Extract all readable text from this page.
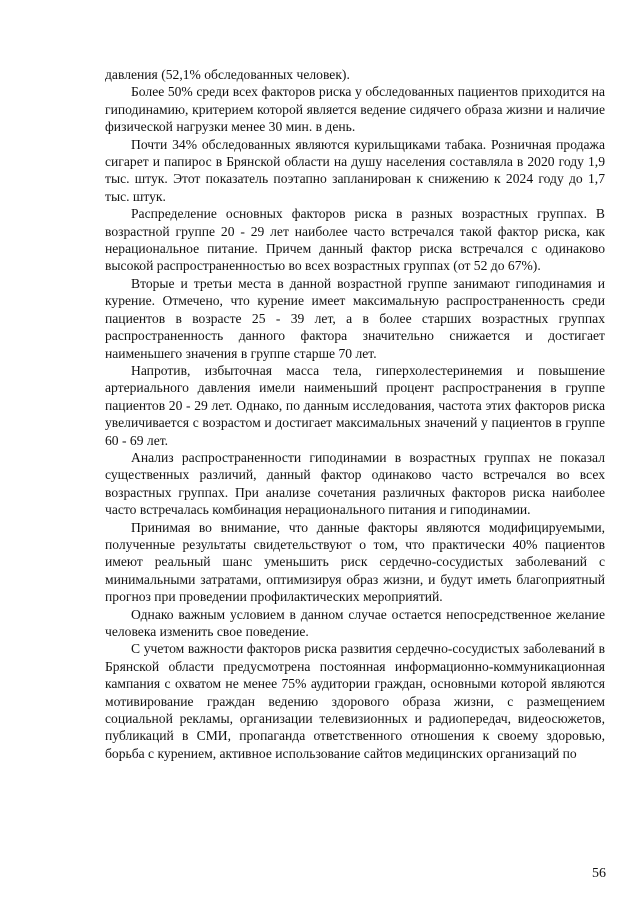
давления (52,1% обследованных человек).

Более 50% среди всех факторов риска у обследованных пациентов приходится на гиподинамию, критерием которой является ведение сидячего образа жизни и наличие физической нагрузки менее 30 мин. в день.

Почти 34% обследованных являются курильщиками табака. Розничная продажа сигарет и папирос в Брянской области на душу населения составляла в 2020 году 1,9 тыс. штук. Этот показатель поэтапно запланирован к снижению к 2024 году до 1,7 тыс. штук.

Распределение основных факторов риска в разных возрастных группах. В возрастной группе 20 - 29 лет наиболее часто встречался такой фактор риска, как нерациональное питание. Причем данный фактор риска встречался с одинаково высокой распространенностью во всех возрастных группах (от 52 до 67%).

Вторые и третьи места в данной возрастной группе занимают гиподинамия и курение. Отмечено, что курение имеет максимальную распространенность среди пациентов в возрасте 25 - 39 лет, а в более старших возрастных группах распространенность данного фактора значительно снижается и достигает наименьшего значения в группе старше 70 лет.

Напротив, избыточная масса тела, гиперхолестеринемия и повышение артериального давления имели наименьший процент распространения в группе пациентов 20 - 29 лет. Однако, по данным исследования, частота этих факторов риска увеличивается с возрастом и достигает максимальных значений у пациентов в группе 60 - 69 лет.

Анализ распространенности гиподинамии в возрастных группах не показал существенных различий, данный фактор одинаково часто встречался во всех возрастных группах. При анализе сочетания различных факторов риска наиболее часто встречалась комбинация нерационального питания и гиподинамии.

Принимая во внимание, что данные факторы являются модифицируемыми, полученные результаты свидетельствуют о том, что практически 40% пациентов имеют реальный шанс уменьшить риск сердечно-сосудистых заболеваний с минимальными затратами, оптимизируя образ жизни, и будут иметь благоприятный прогноз при проведении профилактических мероприятий.

Однако важным условием в данном случае остается непосредственное желание человека изменить свое поведение.

С учетом важности факторов риска развития сердечно-сосудистых заболеваний в Брянской области предусмотрена постоянная информационно-коммуникационная кампания с охватом не менее 75% аудитории граждан, основными которой являются мотивирование граждан ведению здорового образа жизни, с размещением социальной рекламы, организации телевизионных и радиопередач, видеосюжетов, публикаций в СМИ, пропаганда ответственного отношения к своему здоровью, борьба с курением, активное использование сайтов медицинских организаций по

56
